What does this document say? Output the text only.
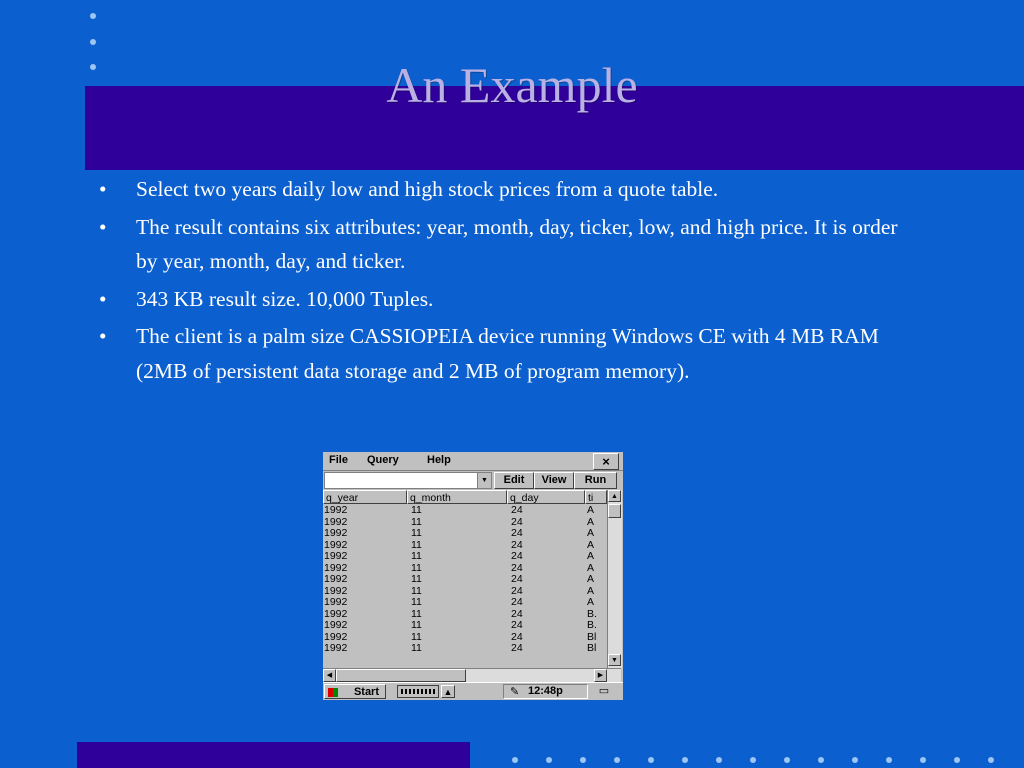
An Example
• Select two years daily low and high stock prices from a quote table.
• The result contains six attributes: year, month, day, ticker, low, and high price. It is order by year, month, day, and ticker.
• 343 KB result size. 10,000 Tuples.
• The client is a palm size CASSIOPEIA device running Windows CE with 4 MB RAM (2MB of persistent data storage and 2 MB of program memory).
File Query	Help	×
▼	Edit	View	Run
q_year	q_month	q_day	ti
1992	11	24	A
1992	11	24	A
1992	11	24	A
1992	11	24	A
1992	11	24	A
1992	11	24	A
1992	11	24	A
1992	11	24	A
1992	11	24	A
1992	11	24	B.
1992	11	24	B.
1992	11	24	Bl
1992	11	24	Bl
▲
▼
◀	▶
Start	▲	✎ 12:48p	▭
